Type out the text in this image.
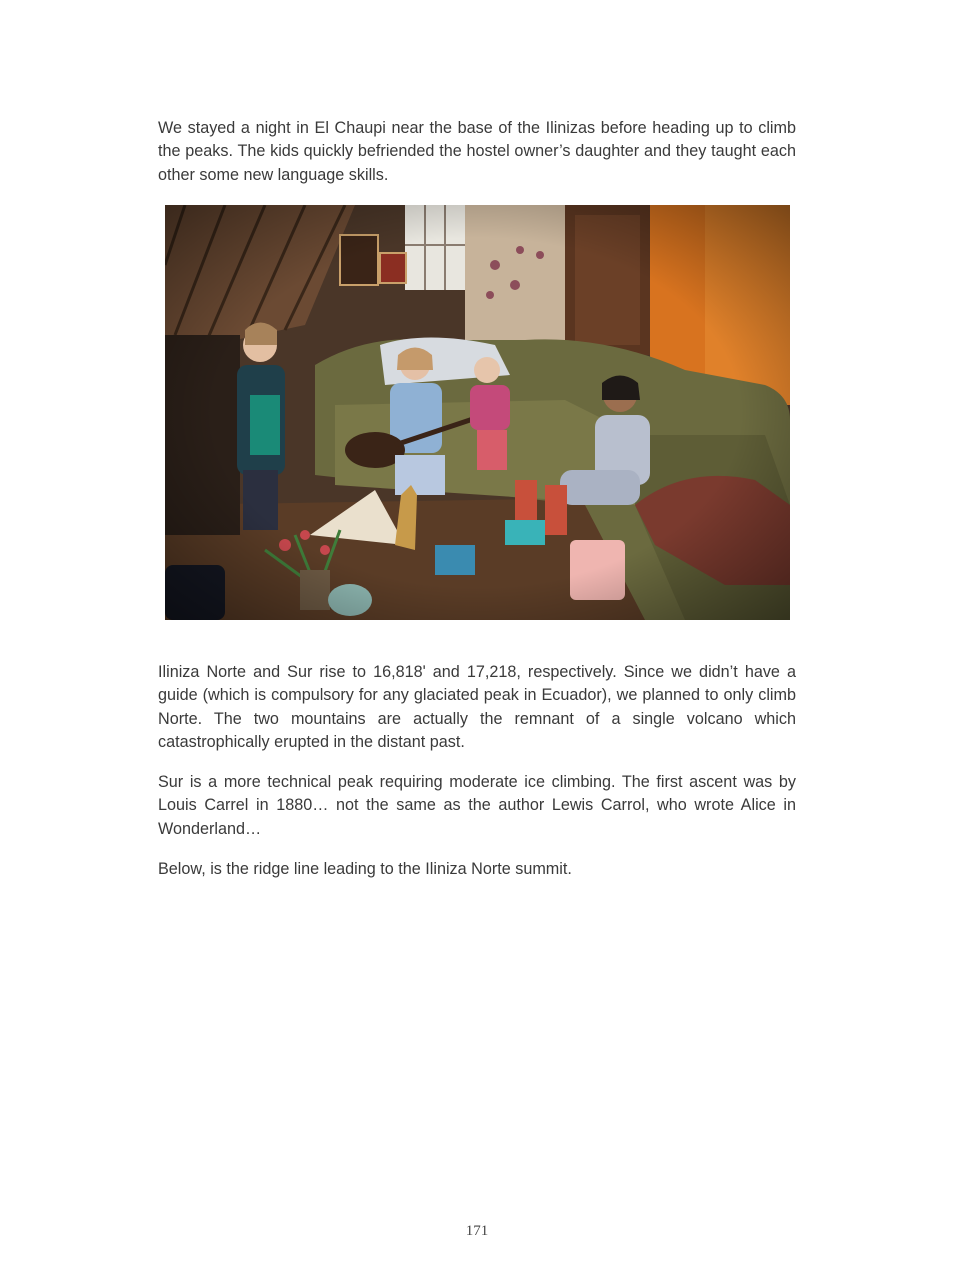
We stayed a night in El Chaupi near the base of the Ilinizas before heading up to climb the peaks. The kids quickly befriended the hostel owner’s daughter and they taught each other some new language skills.

Iliniza Norte and Sur rise to 16,818ʹ and 17,218, respectively. Since we didn’t have a guide (which is compulsory for any glaciated peak in Ecuador), we planned to only climb Norte. The two mountains are actually the remnant of a single volcano which catastrophically erupted in the distant past.

Sur is a more technical peak requiring moderate ice climbing. The first ascent was by Louis Carrel in 1880… not the same as the author Lewis Carrol, who wrote Alice in Wonderland…

Below, is the ridge line leading to the Iliniza Norte summit.

171
